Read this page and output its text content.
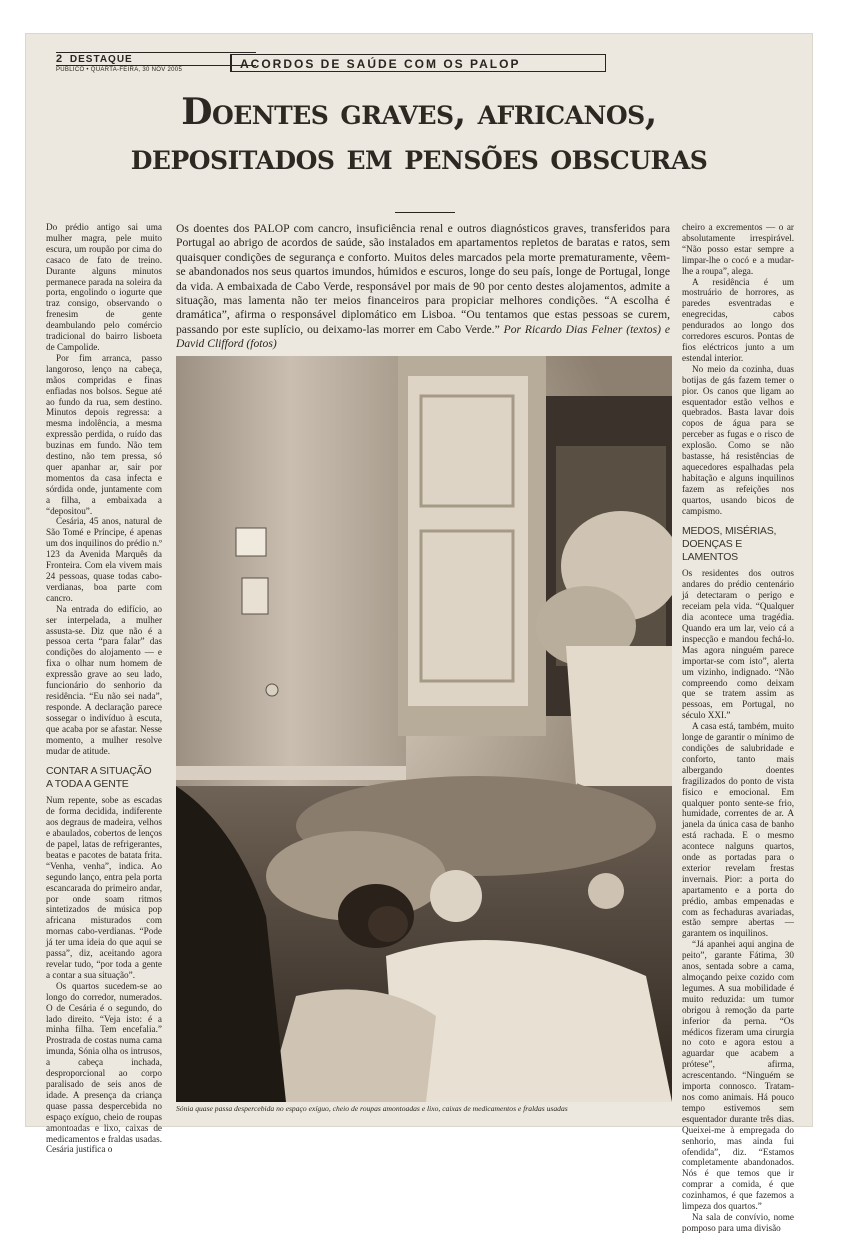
2 DESTAQUE
PÚBLICO • QUARTA-FEIRA, 30 NOV 2005	ACORDOS DE SAÚDE COM OS PALOP
Doentes graves, africanos,
depositados em pensões obscuras

Do prédio antigo sai uma mulher magra, pele muito escura, um roupão por cima do casaco de fato de treino. Durante alguns minutos permanece parada na soleira da porta, engolindo o iogurte que traz consigo, observando o frenesim de gente deambulando pelo comércio tradicional do bairro lisboeta de Campolide.

Por fim arranca, passo langoroso, lenço na cabeça, mãos compridas e finas enfiadas nos bolsos. Segue até ao fundo da rua, sem destino. Minutos depois regressa: a mesma indolência, a mesma expressão perdida, o ruído das buzinas em fundo. Não tem destino, não tem pressa, só quer apanhar ar, sair por momentos da casa infecta e sórdida onde, juntamente com a filha, a embaixada a “depositou”.

Cesária, 45 anos, natural de São Tomé e Príncipe, é apenas um dos inquilinos do prédio n.º 123 da Avenida Marquês da Fronteira. Com ela vivem mais 24 pessoas, quase todas cabo-verdianas, boa parte com cancro.

Na entrada do edifício, ao ser interpelada, a mulher assusta-se. Diz que não é a pessoa certa “para falar” das condições do alojamento — e fixa o olhar num homem de expressão grave ao seu lado, funcionário do senhorio da residência. “Eu não sei nada”, responde. A declaração parece sossegar o indivíduo à escuta, que acaba por se afastar. Nesse momento, a mulher resolve mudar de atitude.

CONTAR A SITUAÇÃO
A TODA A GENTE

Num repente, sobe as escadas de forma decidida, indiferente aos degraus de madeira, velhos e abaulados, cobertos de lenços de papel, latas de refrigerantes, beatas e pacotes de batata frita. “Venha, venha”, indica. Ao segundo lanço, entra pela porta escancarada do primeiro andar, por onde soam ritmos sintetizados de música pop africana misturados com mornas cabo-verdianas. “Pode já ter uma ideia do que aqui se passa”, diz, aceitando agora revelar tudo, “por toda a gente a contar a sua situação”.

Os quartos sucedem-se ao longo do corredor, numerados. O de Cesária é o segundo, do lado direito. “Veja isto: é a minha filha. Tem encefalia.” Prostrada de costas numa cama imunda, Sónia olha os intrusos, a cabeça inchada, desproporcional ao corpo paralisado de seis anos de idade. A presença da criança quase passa despercebida no espaço exíguo, cheio de roupas amontoadas e lixo, caixas de medicamentos e fraldas usadas. Cesária justifica o

Os doentes dos PALOP com cancro, insuficiência renal e outros diagnósticos graves, transferidos para Portugal ao abrigo de acordos de saúde, são instalados em apartamentos repletos de baratas e ratos, sem quaisquer condições de segurança e conforto. Muitos deles marcados pela morte prematuramente, vêem-se abandonados nos seus quartos imundos, húmidos e escuros, longe do seu país, longe de Portugal, longe da vida. A embaixada de Cabo Verde, responsável por mais de 90 por cento destes alojamentos, admite a situação, mas lamenta não ter meios financeiros para propiciar melhores condições. “A escolha é dramática”, afirma o responsável diplomático em Lisboa. “Ou tentamos que estas pessoas se curem, passando por este suplício, ou deixamo-las morrer em Cabo Verde.” Por Ricardo Dias Felner (textos) e David Clifford (fotos)
Sónia quase passa despercebida no espaço exíguo, cheio de roupas amontoadas e lixo, caixas de medicamentos e fraldas usadas

cheiro a excrementos — o ar absolutamente irrespirável. “Não posso estar sempre a limpar-lhe o cocó e a mudar-lhe a roupa”, alega.

A residência é um mostruário de horrores, as paredes esventradas e enegrecidas, cabos pendurados ao longo dos corredores escuros. Pontas de fios eléctricos junto a um estendal interior.

No meio da cozinha, duas botijas de gás fazem temer o pior. Os canos que ligam ao esquentador estão velhos e quebrados. Basta lavar dois copos de água para se perceber as fugas e o risco de explosão. Como se não bastasse, há resistências de aquecedores espalhadas pela habitação e alguns inquilinos fazem as refeições nos quartos, usando bicos de campismo.

MEDOS, MISÉRIAS,
DOENÇAS E LAMENTOS

Os residentes dos outros andares do prédio centenário já detectaram o perigo e receiam pela vida. “Qualquer dia acontece uma tragédia. Quando era um lar, veio cá a inspecção e mandou fechá-lo. Mas agora ninguém parece importar-se com isto”, alerta um vizinho, indignado. “Não compreendo como deixam que se tratem assim as pessoas, em Portugal, no século XXI.”

A casa está, também, muito longe de garantir o mínimo de condições de salubridade e conforto, tanto mais albergando doentes fragilizados do ponto de vista físico e emocional. Em qualquer ponto sente-se frio, humidade, correntes de ar. A janela da única casa de banho está rachada. E o mesmo acontece nalguns quartos, onde as portadas para o exterior revelam frestas invernais. Pior: a porta do apartamento e a porta do prédio, ambas empenadas e com as fechaduras avariadas, estão sempre abertas — garantem os inquilinos.

“Já apanhei aqui angina de peito”, garante Fátima, 30 anos, sentada sobre a cama, almoçando peixe cozido com legumes. A sua mobilidade é muito reduzida: um tumor obrigou à remoção da parte inferior da perna. “Os médicos fizeram uma cirurgia no coto e agora estou a aguardar que acabem a prótese”, afirma, acrescentando. “Ninguém se importa connosco. Tratam-nos como animais. Há pouco tempo estivemos sem esquentador durante três dias. Queixei-me à empregada do senhorio, mas ainda fui ofendida”, diz. “Estamos completamente abandonados. Nós é que temos que ir comprar a comida, é que cozinhamos, é que fazemos a limpeza dos quartos.”

Na sala de convívio, nome pomposo para uma divisão
